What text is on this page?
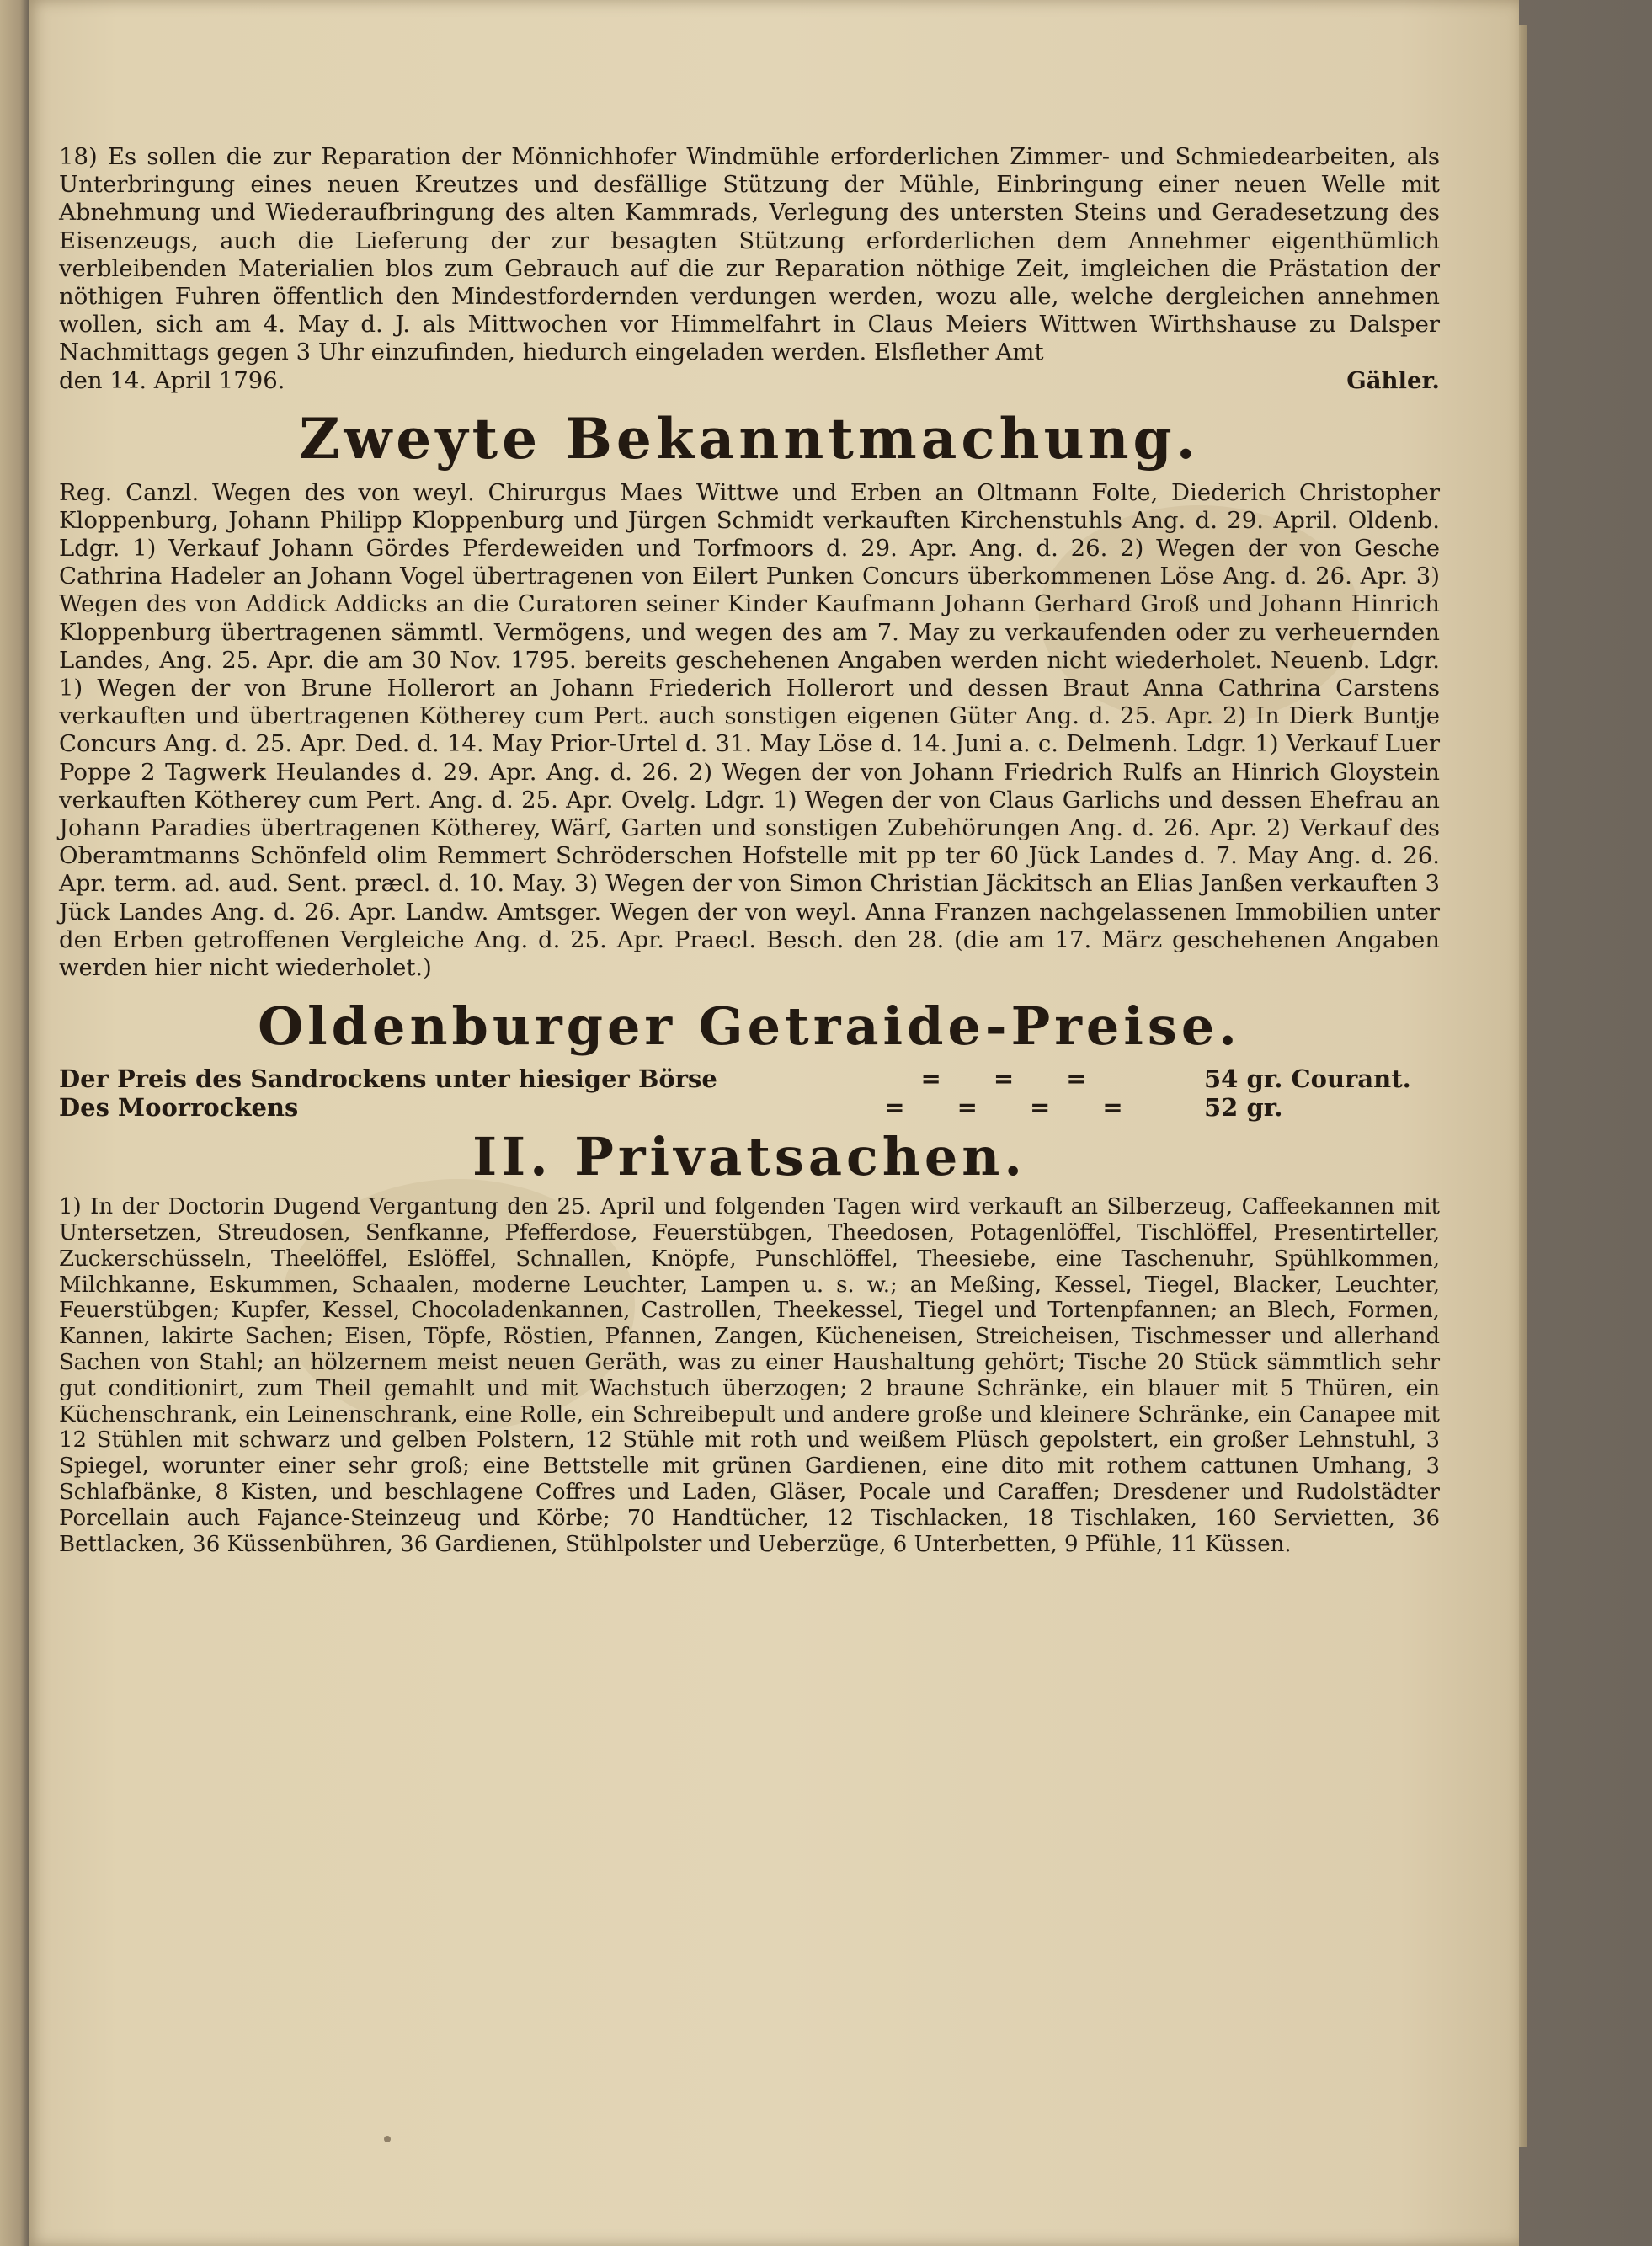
18) Es sollen die zur Reparation der Mönnichhofer Windmühle erforderlichen Zimmer- und Schmiedearbeiten, als Unterbringung eines neuen Kreutzes und desfällige Stützung der Mühle, Einbringung einer neuen Welle mit Abnehmung und Wiederaufbringung des alten Kammrads, Verlegung des untersten Steins und Geradesetzung des Eisenzeugs, auch die Lieferung der zur besagten Stützung erforderlichen dem Annehmer eigenthümlich verbleibenden Materialien blos zum Gebrauch auf die zur Reparation nöthige Zeit, imgleichen die Prästation der nöthigen Fuhren öffentlich den Mindestfordernden verdungen werden, wozu alle, welche dergleichen annehmen wollen, sich am 4. May d. J. als Mittwochen vor Himmelfahrt in Claus Meiers Wittwen Wirthshause zu Dalsper Nachmittags gegen 3 Uhr einzufinden, hiedurch eingeladen werden. Elsflether Amt

den 14. April 1796.	Gähler.
Zweyte Bekanntmachung.

Reg. Canzl. Wegen des von weyl. Chirurgus Maes Wittwe und Erben an Oltmann Folte, Diederich Christopher Kloppenburg, Johann Philipp Kloppenburg und Jürgen Schmidt verkauften Kirchenstuhls Ang. d. 29. April. Oldenb. Ldgr. 1) Verkauf Johann Gördes Pferdeweiden und Torfmoors d. 29. Apr. Ang. d. 26. 2) Wegen der von Gesche Cathrina Hadeler an Johann Vogel übertragenen von Eilert Punken Concurs überkommenen Löse Ang. d. 26. Apr. 3) Wegen des von Addick Addicks an die Curatoren seiner Kinder Kaufmann Johann Gerhard Groß und Johann Hinrich Kloppenburg übertragenen sämmtl. Vermögens, und wegen des am 7. May zu verkaufenden oder zu verheuernden Landes, Ang. 25. Apr. die am 30 Nov. 1795. bereits geschehenen Angaben werden nicht wiederholet. Neuenb. Ldgr. 1) Wegen der von Brune Hollerort an Johann Friederich Hollerort und dessen Braut Anna Cathrina Carstens verkauften und übertragenen Kötherey cum Pert. auch sonstigen eigenen Güter Ang. d. 25. Apr. 2) In Dierk Buntje Concurs Ang. d. 25. Apr. Ded. d. 14. May Prior-Urtel d. 31. May Löse d. 14. Juni a. c. Delmenh. Ldgr. 1) Verkauf Luer Poppe 2 Tagwerk Heulandes d. 29. Apr. Ang. d. 26. 2) Wegen der von Johann Friedrich Rulfs an Hinrich Gloystein verkauften Kötherey cum Pert. Ang. d. 25. Apr. Ovelg. Ldgr. 1) Wegen der von Claus Garlichs und dessen Ehefrau an Johann Paradies übertragenen Kötherey, Wärf, Garten und sonstigen Zubehörungen Ang. d. 26. Apr. 2) Verkauf des Oberamtmanns Schönfeld olim Remmert Schröderschen Hofstelle mit pp ter 60 Jück Landes d. 7. May Ang. d. 26. Apr. term. ad. aud. Sent. præcl. d. 10. May. 3) Wegen der von Simon Christian Jäckitsch an Elias Janßen verkauften 3 Jück Landes Ang. d. 26. Apr. Landw. Amtsger. Wegen der von weyl. Anna Franzen nachgelassenen Immobilien unter den Erben getroffenen Vergleiche Ang. d. 25. Apr. Praecl. Besch. den 28. (die am 17. März geschehenen Angaben werden hier nicht wiederholet.)

Oldenburger Getraide-Preise.
Der Preis des Sandrockens unter hiesiger Börse	= = =	54 gr. Courant.
Des Moorrockens	= = = =	52 gr.
II. Privatsachen.

1) In der Doctorin Dugend Vergantung den 25. April und folgenden Tagen wird verkauft an Silberzeug, Caffeekannen mit Untersetzen, Streudosen, Senfkanne, Pfefferdose, Feuerstübgen, Theedosen, Potagenlöffel, Tischlöffel, Presentirteller, Zuckerschüsseln, Theelöffel, Eslöffel, Schnallen, Knöpfe, Punschlöffel, Theesiebe, eine Taschenuhr, Spühlkommen, Milchkanne, Eskummen, Schaalen, moderne Leuchter, Lampen u. s. w.; an Meßing, Kessel, Tiegel, Blacker, Leuchter, Feuerstübgen; Kupfer, Kessel, Chocoladenkannen, Castrollen, Theekessel, Tiegel und Tortenpfannen; an Blech, Formen, Kannen, lakirte Sachen; Eisen, Töpfe, Röstien, Pfannen, Zangen, Kücheneisen, Streicheisen, Tischmesser und allerhand Sachen von Stahl; an hölzernem meist neuen Geräth, was zu einer Haushaltung gehört; Tische 20 Stück sämmtlich sehr gut conditionirt, zum Theil gemahlt und mit Wachstuch überzogen; 2 braune Schränke, ein blauer mit 5 Thüren, ein Küchenschrank, ein Leinenschrank, eine Rolle, ein Schreibepult und andere große und kleinere Schränke, ein Canapee mit 12 Stühlen mit schwarz und gelben Polstern, 12 Stühle mit roth und weißem Plüsch gepolstert, ein großer Lehnstuhl, 3 Spiegel, worunter einer sehr groß; eine Bettstelle mit grünen Gardienen, eine dito mit rothem cattunen Umhang, 3 Schlafbänke, 8 Kisten, und beschlagene Coffres und Laden, Gläser, Pocale und Caraffen; Dresdener und Rudolstädter Porcellain auch Fajance-Steinzeug und Körbe; 70 Handtücher, 12 Tischlacken, 18 Tischlaken, 160 Servietten, 36 Bettlacken, 36 Küssenbühren, 36 Gardienen, Stühlpolster und Ueberzüge, 6 Unterbetten, 9 Pfühle, 11 Küssen.
